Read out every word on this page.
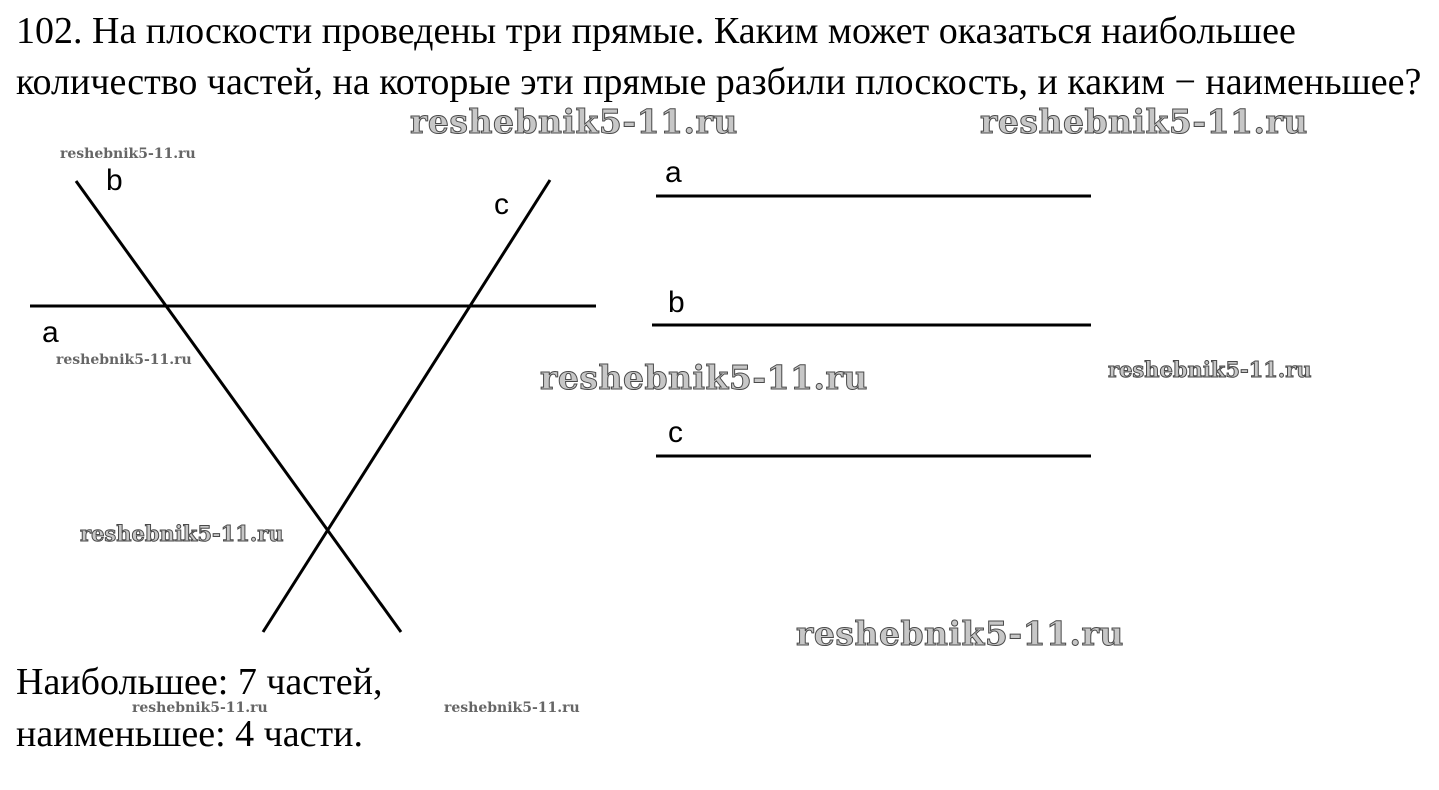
102. На плоскости проведены три прямые. Каким может оказаться наибольшее количество частей, на которые эти прямые разбили плоскость, и каким − наименьшее?

b
c
a
a
b
c

Наибольшее: 7 частей,

наименьшее: 4 части.

reshebnik5-11.ru	reshebnik5-11.ru
reshebnik5-11.ru
reshebnik5-11.ru
reshebnik5-11.ru
reshebnik5-11.ru
reshebnik5-11.ru
reshebnik5-11.ru
reshebnik5-11.ru	reshebnik5-11.ru
